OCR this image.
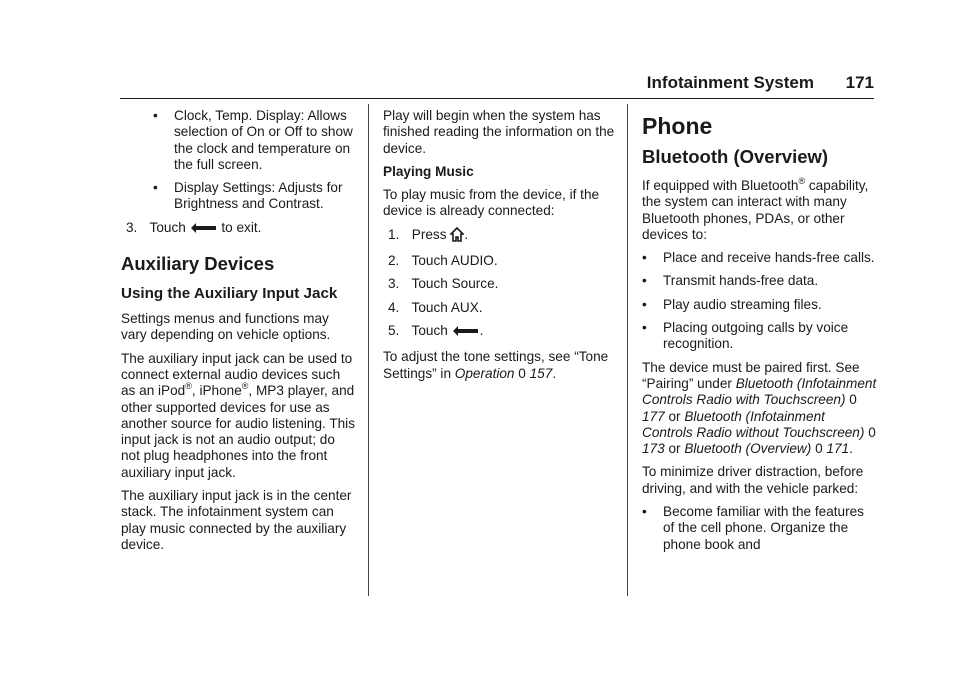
Infotainment System 171
• Clock, Temp. Display: Allows selection of On or Off to show the clock and temperature on the full screen.
• Display Settings: Adjusts for Brightness and Contrast.
3. Touch	to exit.
Auxiliary Devices
Using the Auxiliary Input Jack

Settings menus and functions may vary depending on vehicle options.

The auxiliary input jack can be used to connect external audio devices such as an iPod®, iPhone®, MP3 player, and other supported devices for use as another source for audio listening. This input jack is not an audio output; do not plug headphones into the front auxiliary input jack.

The auxiliary input jack is in the center stack. The infotainment system can play music connected by the auxiliary device.

Play will begin when the system has finished reading the information on the device.

Playing Music

To play music from the device, if the device is already connected:

1. Press .
2. Touch AUDIO.
3. Touch Source.
4. Touch AUX.
5. Touch .

To adjust the tone settings, see “Tone Settings” in Operation 0 157.

Phone
Bluetooth (Overview)

If equipped with Bluetooth® capability, the system can interact with many Bluetooth phones, PDAs, or other devices to:

• Place and receive hands-free calls.
• Transmit hands-free data.
• Play audio streaming files.
• Placing outgoing calls by voice recognition.

The device must be paired first. See “Pairing” under Bluetooth (Infotainment Controls Radio with Touchscreen) 0 177 or Bluetooth (Infotainment Controls Radio without Touchscreen) 0 173 or Bluetooth (Overview) 0 171.

To minimize driver distraction, before driving, and with the vehicle parked:

• Become familiar with the features of the cell phone. Organize the phone book and
